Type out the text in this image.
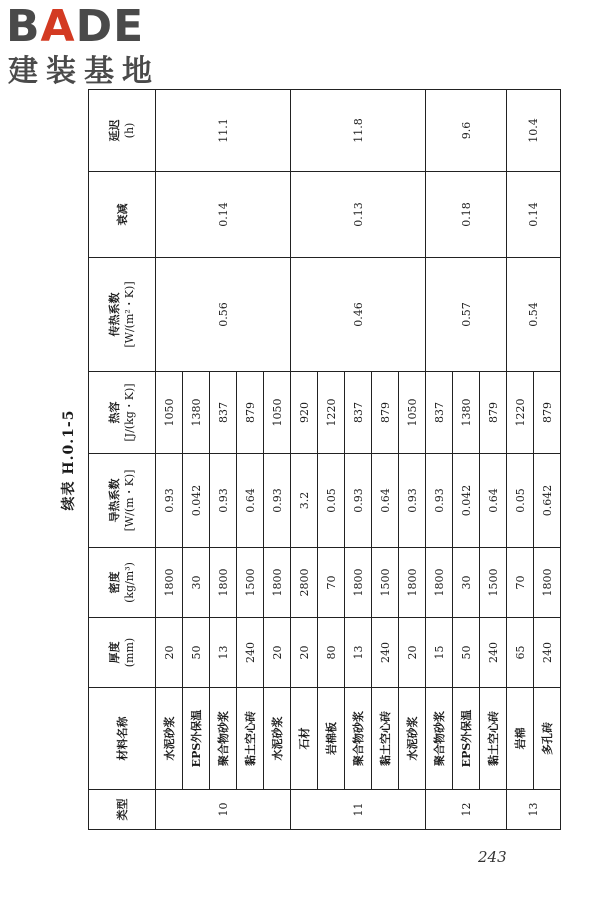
BADE
建装基地
续表 H.0.1-5
类型	材料名称	厚度 (mm)	密度 (kg/m³)	导热系数 [W/(m・K)]	热容 [J/(kg・K)]	传热系数 [W/(m²・K)]	衰减	延迟 (h)

10	水泥砂浆	20	1800	0.93	1050	0.56	0.14	11.1
	EPS外保温	50	30	0.042	1380			
	聚合物砂浆	13	1800	0.93	837			
	黏土空心砖	240	1500	0.64	879			
	水泥砂浆	20	1800	0.93	1050			
11	石材	20	2800	3.2	920	0.46	0.13	11.8
	岩棉板	80	70	0.05	1220			
	聚合物砂浆	13	1800	0.93	837			
	黏土空心砖	240	1500	0.64	879			
	水泥砂浆	20	1800	0.93	1050			
12	聚合物砂浆	15	1800	0.93	837	0.57	0.18	9.6
	EPS外保温	50	30	0.042	1380			
	黏土空心砖	240	1500	0.64	879			
13	岩棉	65	70	0.05	1220	0.54	0.14	10.4
	多孔砖	240	1800	0.642	879			
243
